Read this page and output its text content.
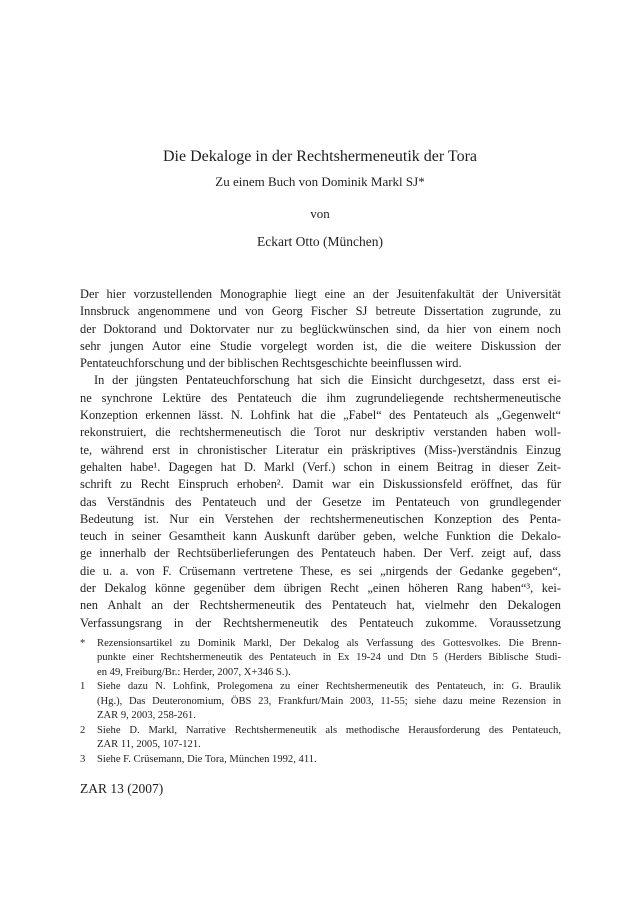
Die Dekaloge in der Rechtshermeneutik der Tora
Zu einem Buch von Dominik Markl SJ*
von
Eckart Otto (München)
Der hier vorzustellenden Monographie liegt eine an der Jesuitenfakultät der Universität
Innsbruck angenommene und von Georg Fischer SJ betreute Dissertation zugrunde, zu
der Doktorand und Doktorvater nur zu beglückwünschen sind, da hier von einem noch
sehr jungen Autor eine Studie vorgelegt worden ist, die die weitere Diskussion der
Pentateuchforschung und der biblischen Rechtsgeschichte beeinflussen wird.
In der jüngsten Pentateuchforschung hat sich die Einsicht durchgesetzt, dass erst ei-
ne synchrone Lektüre des Pentateuch die ihm zugrundeliegende rechtshermeneutische
Konzeption erkennen lässt. N. Lohfink hat die „Fabel“ des Pentateuch als „Gegenwelt“
rekonstruiert, die rechtshermeneutisch die Torot nur deskriptiv verstanden haben woll-
te, während erst in chronistischer Literatur ein präskriptives (Miss-)verständnis Einzug
gehalten habe¹. Dagegen hat D. Markl (Verf.) schon in einem Beitrag in dieser Zeit-
schrift zu Recht Einspruch erhoben². Damit war ein Diskussionsfeld eröffnet, das für
das Verständnis des Pentateuch und der Gesetze im Pentateuch von grundlegender
Bedeutung ist. Nur ein Verstehen der rechtshermeneutischen Konzeption des Penta-
teuch in seiner Gesamtheit kann Auskunft darüber geben, welche Funktion die Dekalo-
ge innerhalb der Rechtsüberlieferungen des Pentateuch haben. Der Verf. zeigt auf, dass
die u. a. von F. Crüsemann vertretene These, es sei „nirgends der Gedanke gegeben“,
der Dekalog könne gegenüber dem übrigen Recht „einen höheren Rang haben“³, kei-
nen Anhalt an der Rechtshermeneutik des Pentateuch hat, vielmehr den Dekalogen
Verfassungsrang in der Rechtshermeneutik des Pentateuch zukomme. Voraussetzung
*	Rezensionsartikel zu Dominik Markl, Der Dekalog als Verfassung des Gottesvolkes. Die Brenn-
punkte einer Rechtshermeneutik des Pentateuch in Ex 19-24 und Dtn 5 (Herders Biblische Studi-
en 49, Freiburg/Br.: Herder, 2007, X+346 S.).
1	Siehe dazu N. Lohfink, Prolegomena zu einer Rechtshermeneutik des Pentateuch, in: G. Braulik
(Hg.), Das Deuteronomium, ÖBS 23, Frankfurt/Main 2003, 11-55; siehe dazu meine Rezension in
ZAR 9, 2003, 258-261.
2	Siehe D. Markl, Narrative Rechtshermeneutik als methodische Herausforderung des Pentateuch,
ZAR 11, 2005, 107-121.
3	Siehe F. Crüsemann, Die Tora, München 1992, 411.
ZAR 13 (2007)
